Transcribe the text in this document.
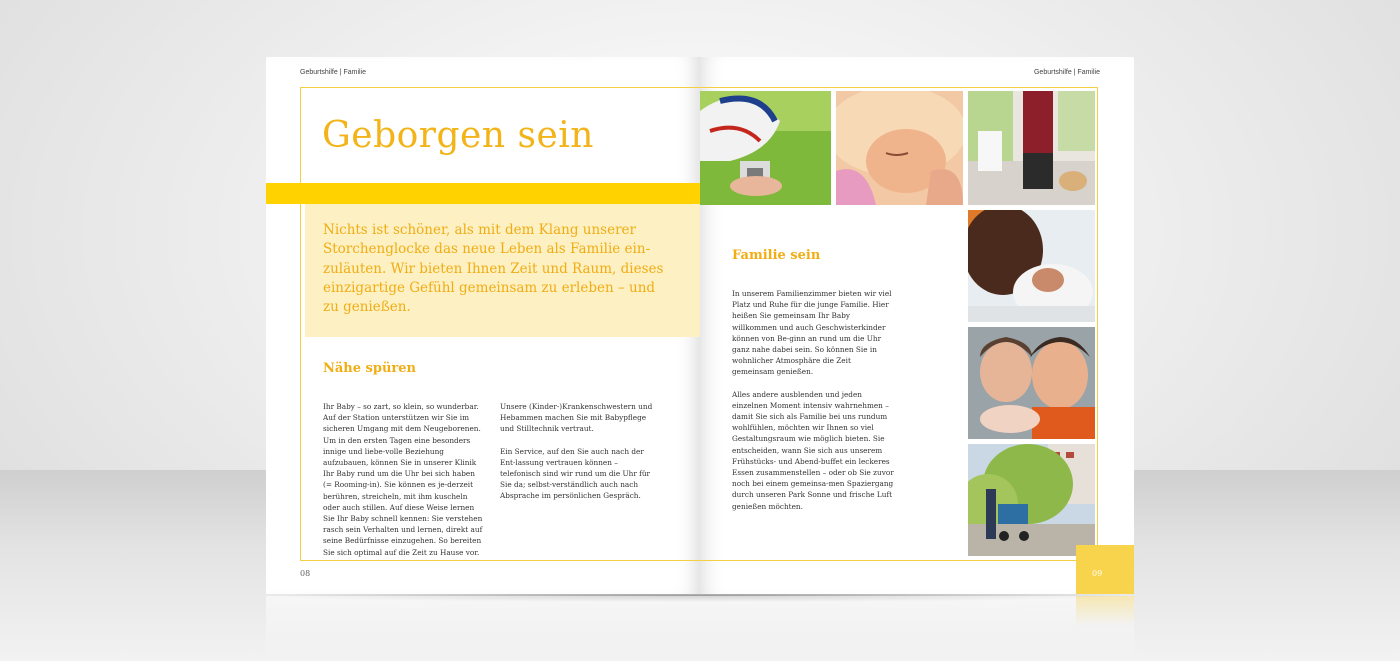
Geburtshilfe | Familie
Geborgen sein
Nichts ist schöner, als mit dem Klang unserer Storchenglocke das neue Leben als Familie ein-zuläuten. Wir bieten Ihnen Zeit und Raum, dieses einzigartige Gefühl gemeinsam zu erleben – und zu genießen.
Nähe spüren

Ihr Baby – so zart, so klein, so wunderbar. Auf der Station unterstützen wir Sie im sicheren Umgang mit dem Neugeborenen. Um in den ersten Tagen eine besonders innige und liebe-volle Beziehung aufzubauen, können Sie in unserer Klinik Ihr Baby rund um die Uhr bei sich haben (= Rooming-in). Sie können es je-derzeit berühren, streicheln, mit ihm kuscheln oder auch stillen. Auf diese Weise lernen Sie Ihr Baby schnell kennen: Sie verstehen rasch sein Verhalten und lernen, direkt auf seine Bedürfnisse einzugehen. So bereiten Sie sich optimal auf die Zeit zu Hause vor.

Unsere (Kinder-)Krankenschwestern und Hebammen machen Sie mit Babypflege und Stilltechnik vertraut.

Ein Service, auf den Sie auch nach der Ent-lassung vertrauen können – telefonisch sind wir rund um die Uhr für Sie da; selbst-verständlich auch nach Absprache im persönlichen Gespräch.

08
Geburtshilfe | Familie
Familie sein

In unserem Familienzimmer bieten wir viel Platz und Ruhe für die junge Familie. Hier heißen Sie gemeinsam Ihr Baby willkommen und auch Geschwisterkinder können von Be-ginn an rund um die Uhr ganz nahe dabei sein. So können Sie in wohnlicher Atmosphäre die Zeit gemeinsam genießen.

Alles andere ausblenden und jeden einzelnen Moment intensiv wahrnehmen – damit Sie sich als Familie bei uns rundum wohlfühlen, möchten wir Ihnen so viel Gestaltungsraum wie möglich bieten. Sie entscheiden, wann Sie sich aus unserem Frühstücks- und Abend-buffet ein leckeres Essen zusammenstellen – oder ob Sie zuvor noch bei einem gemeinsa-men Spaziergang durch unseren Park Sonne und frische Luft genießen möchten.

09
